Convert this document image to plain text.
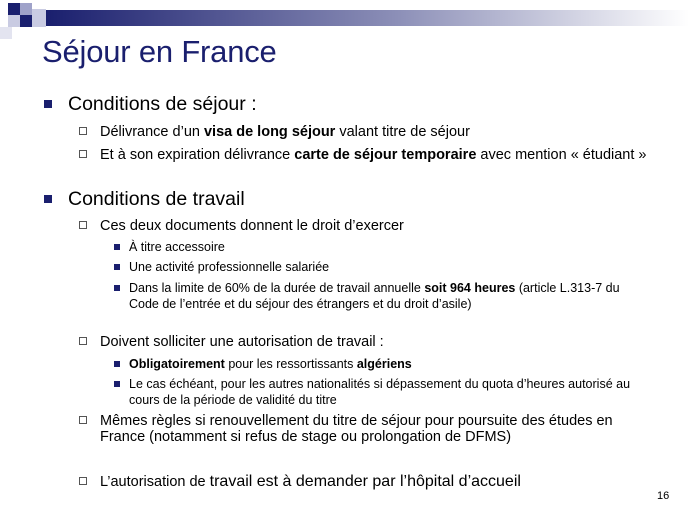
Séjour en France
Conditions de séjour :
Délivrance d’un visa de long séjour valant titre de séjour
Et à son expiration délivrance carte de séjour temporaire avec mention « étudiant »
Conditions de travail
Ces deux documents donnent le droit d’exercer
À titre accessoire
Une activité professionnelle salariée
Dans la limite de 60% de la durée de travail annuelle soit 964 heures (article L.313-7 du Code de l’entrée et du séjour des étrangers et du droit d’asile)
Doivent solliciter une autorisation de travail :
Obligatoirement pour les ressortissants algériens
Le cas échéant, pour les autres nationalités si dépassement du quota d’heures autorisé au cours de la période de validité du titre
Mêmes règles si renouvellement du titre de séjour pour poursuite des études en France (notamment si refus de stage ou prolongation de DFMS)
L’autorisation de travail est à demander par l’hôpital d’accueil
16
